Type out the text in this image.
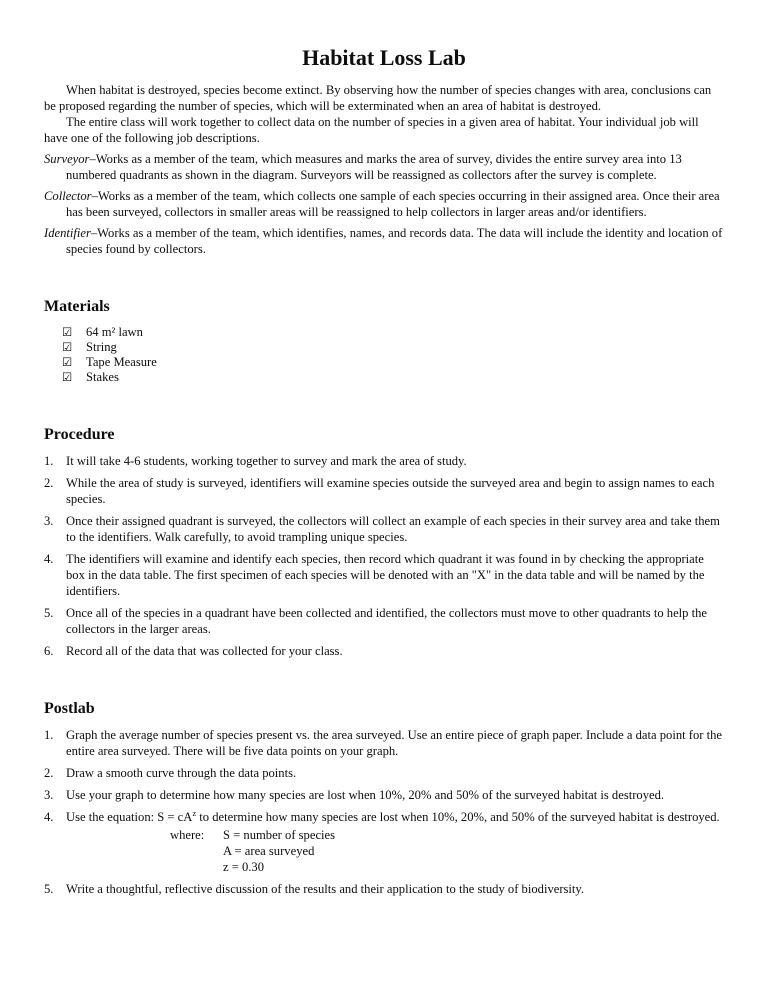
Habitat Loss Lab

When habitat is destroyed, species become extinct. By observing how the number of species changes with area, conclusions can be proposed regarding the number of species, which will be exterminated when an area of habitat is destroyed.

The entire class will work together to collect data on the number of species in a given area of habitat. Your individual job will have one of the following job descriptions.

Surveyor–Works as a member of the team, which measures and marks the area of survey, divides the entire survey area into 13 numbered quadrants as shown in the diagram. Surveyors will be reassigned as collectors after the survey is complete.
Collector–Works as a member of the team, which collects one sample of each species occurring in their assigned area. Once their area has been surveyed, collectors in smaller areas will be reassigned to help collectors in larger areas and/or identifiers.
Identifier–Works as a member of the team, which identifies, names, and records data. The data will include the identity and location of species found by collectors.
Materials
☑	64 m² lawn
☑	String
☑	Tape Measure
☑	Stakes
Procedure
1. It will take 4-6 students, working together to survey and mark the area of study.
2. While the area of study is surveyed, identifiers will examine species outside the surveyed area and begin to assign names to each species.
3. Once their assigned quadrant is surveyed, the collectors will collect an example of each species in their survey area and take them to the identifiers. Walk carefully, to avoid trampling unique species.
4. The identifiers will examine and identify each species, then record which quadrant it was found in by checking the appropriate box in the data table. The first specimen of each species will be denoted with an "X" in the data table and will be named by the identifiers.
5. Once all of the species in a quadrant have been collected and identified, the collectors must move to other quadrants to help the collectors in the larger areas.
6. Record all of the data that was collected for your class.
Postlab
1. Graph the average number of species present vs. the area surveyed. Use an entire piece of graph paper. Include a data point for the entire area surveyed. There will be five data points on your graph.
2. Draw a smooth curve through the data points.
3. Use your graph to determine how many species are lost when 10%, 20% and 50% of the surveyed habitat is destroyed.
4. Use the equation: $S = cA^z$ to determine how many species are lost when 10%, 20%, and 50% of the surveyed habitat is destroyed.
where:	S = number of species
A = area surveyed
z = 0.30
5. Write a thoughtful, reflective discussion of the results and their application to the study of biodiversity.
